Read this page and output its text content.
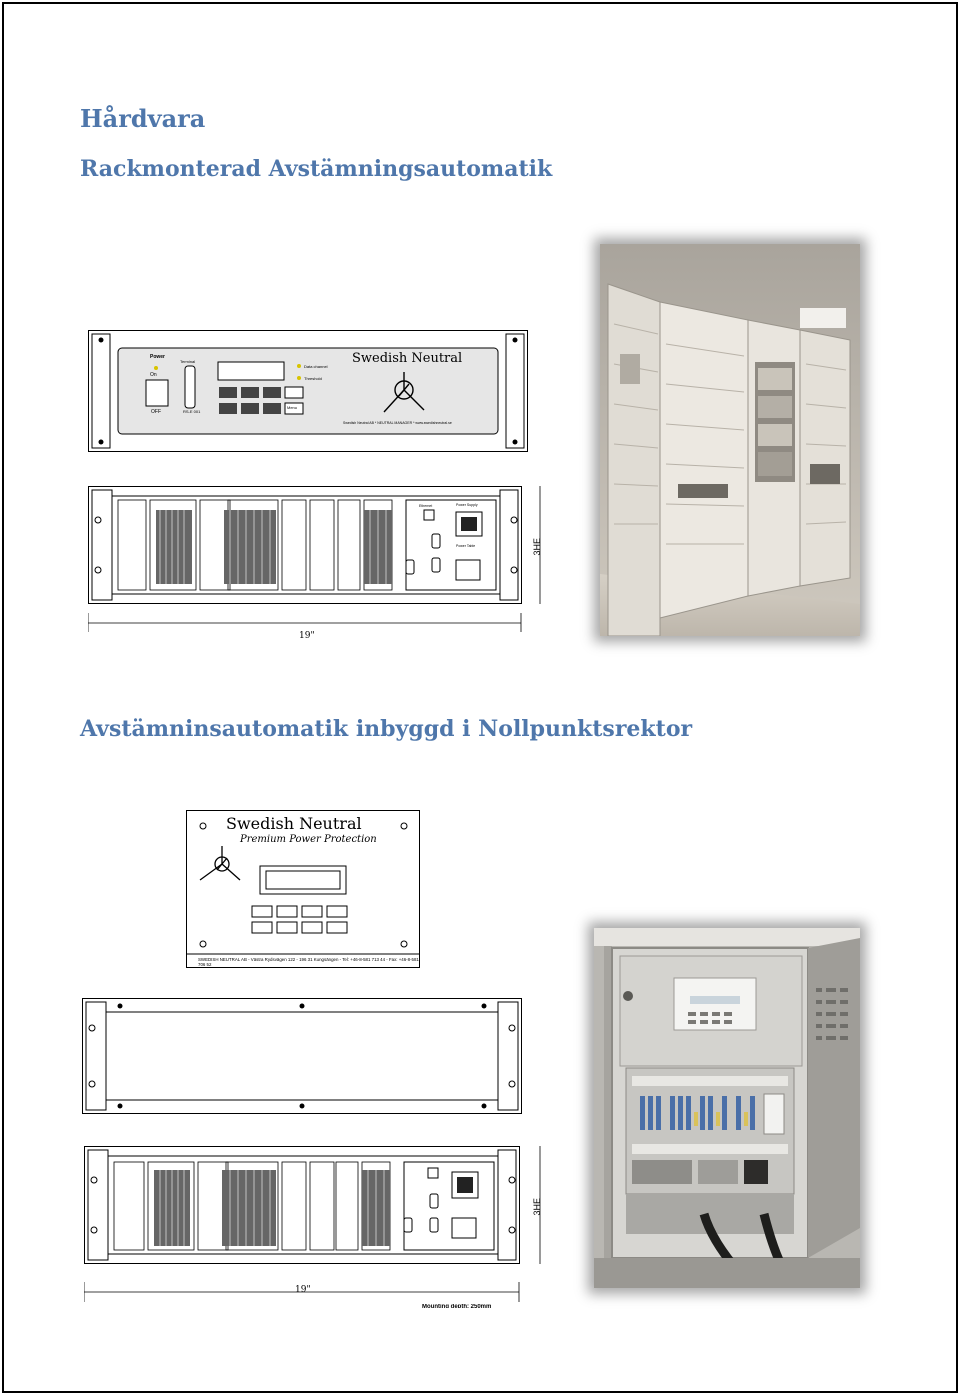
Hårdvara
Rackmonterad Avstämningsautomatik
Avstämninsautomatik inbyggd i Nollpunktsrektor
Power
On
OFF
Terminal
RS-E 001
Data channel
Threshold
Menu
Swedish Neutral
Swedish Neutral AB * NEUTRAL MANAGER * www.swedishneutral.se
Ethernet	Power Supply
Power Table	3HE
19"
Swedish Neutral
Premium Power Protection
SWEDISH NEUTRAL AB - Västra Rydsvägen 122 - 196 31 Kungsängen - Tel: +46-8-581 713 44 - Fax: +46-8-581 706 52
3HE
19"
Mounting depth: 250mm
